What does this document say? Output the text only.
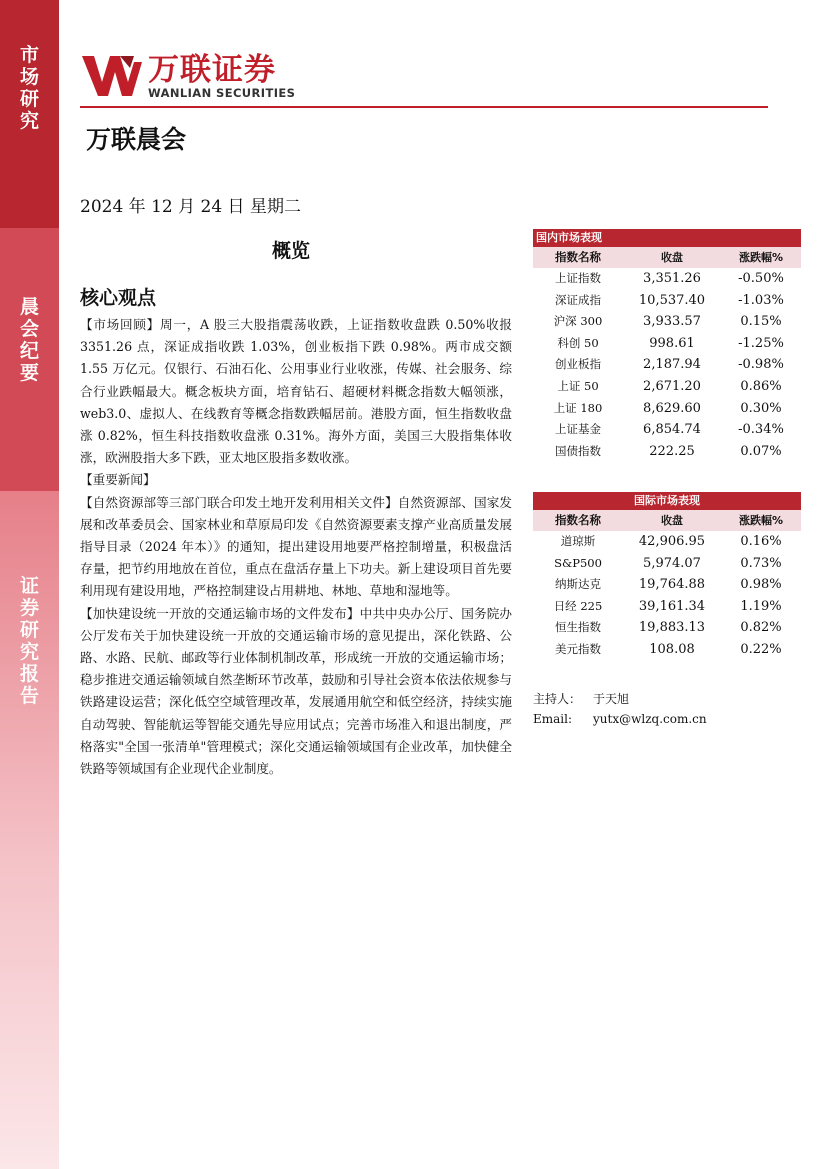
市
场
研
究
晨
会
纪
要
证
券
研
究
报
告
万联证券
WANLIAN SECURITIES
万联晨会
2024 年 12 月 24 日 星期二
概览
核心观点

【市场回顾】周一，A 股三大股指震荡收跌，上证指数收盘跌 0.50%收报 3351.26 点，深证成指收跌 1.03%，创业板指下跌 0.98%。两市成交额 1.55 万亿元。仅银行、石油石化、公用事业行业收涨，传媒、社会服务、综合行业跌幅最大。概念板块方面，培育钻石、超硬材料概念指数大幅领涨，web3.0、虚拟人、在线教育等概念指数跌幅居前。港股方面，恒生指数收盘涨 0.82%，恒生科技指数收盘涨 0.31%。海外方面，美国三大股指集体收涨，欧洲股指大多下跌，亚太地区股指多数收涨。

【重要新闻】

【自然资源部等三部门联合印发土地开发利用相关文件】自然资源部、国家发展和改革委员会、国家林业和草原局印发《自然资源要素支撑产业高质量发展指导目录（2024 年本）》的通知，提出建设用地要严格控制增量，积极盘活存量，把节约用地放在首位，重点在盘活存量上下功夫。新上建设项目首先要利用现有建设用地，严格控制建设占用耕地、林地、草地和湿地等。

【加快建设统一开放的交通运输市场的文件发布】中共中央办公厅、国务院办公厅发布关于加快建设统一开放的交通运输市场的意见提出，深化铁路、公路、水路、民航、邮政等行业体制机制改革，形成统一开放的交通运输市场；稳步推进交通运输领域自然垄断环节改革，鼓励和引导社会资本依法依规参与铁路建设运营；深化低空空域管理改革，发展通用航空和低空经济，持续实施自动驾驶、智能航运等智能交通先导应用试点；完善市场准入和退出制度，严格落实"全国一张清单"管理模式；深化交通运输领域国有企业改革，加快健全铁路等领域国有企业现代企业制度。

国内市场表现
指数名称	收盘	涨跌幅%
上证指数	3,351.26	-0.50%
深证成指	10,537.40	-1.03%
沪深 300	3,933.57	0.15%
科创 50	998.61	-1.25%
创业板指	2,187.94	-0.98%
上证 50	2,671.20	0.86%
上证 180	8,629.60	0.30%
上证基金	6,854.74	-0.34%
国债指数	222.25	0.07%
国际市场表现
指数名称	收盘	涨跌幅%
道琼斯	42,906.95	0.16%
S&P500	5,974.07	0.73%
纳斯达克	19,764.88	0.98%
日经 225	39,161.34	1.19%
恒生指数	19,883.13	0.82%
美元指数	108.08	0.22%
主持人： 于天旭
Email: yutx@wlzq.com.cn
